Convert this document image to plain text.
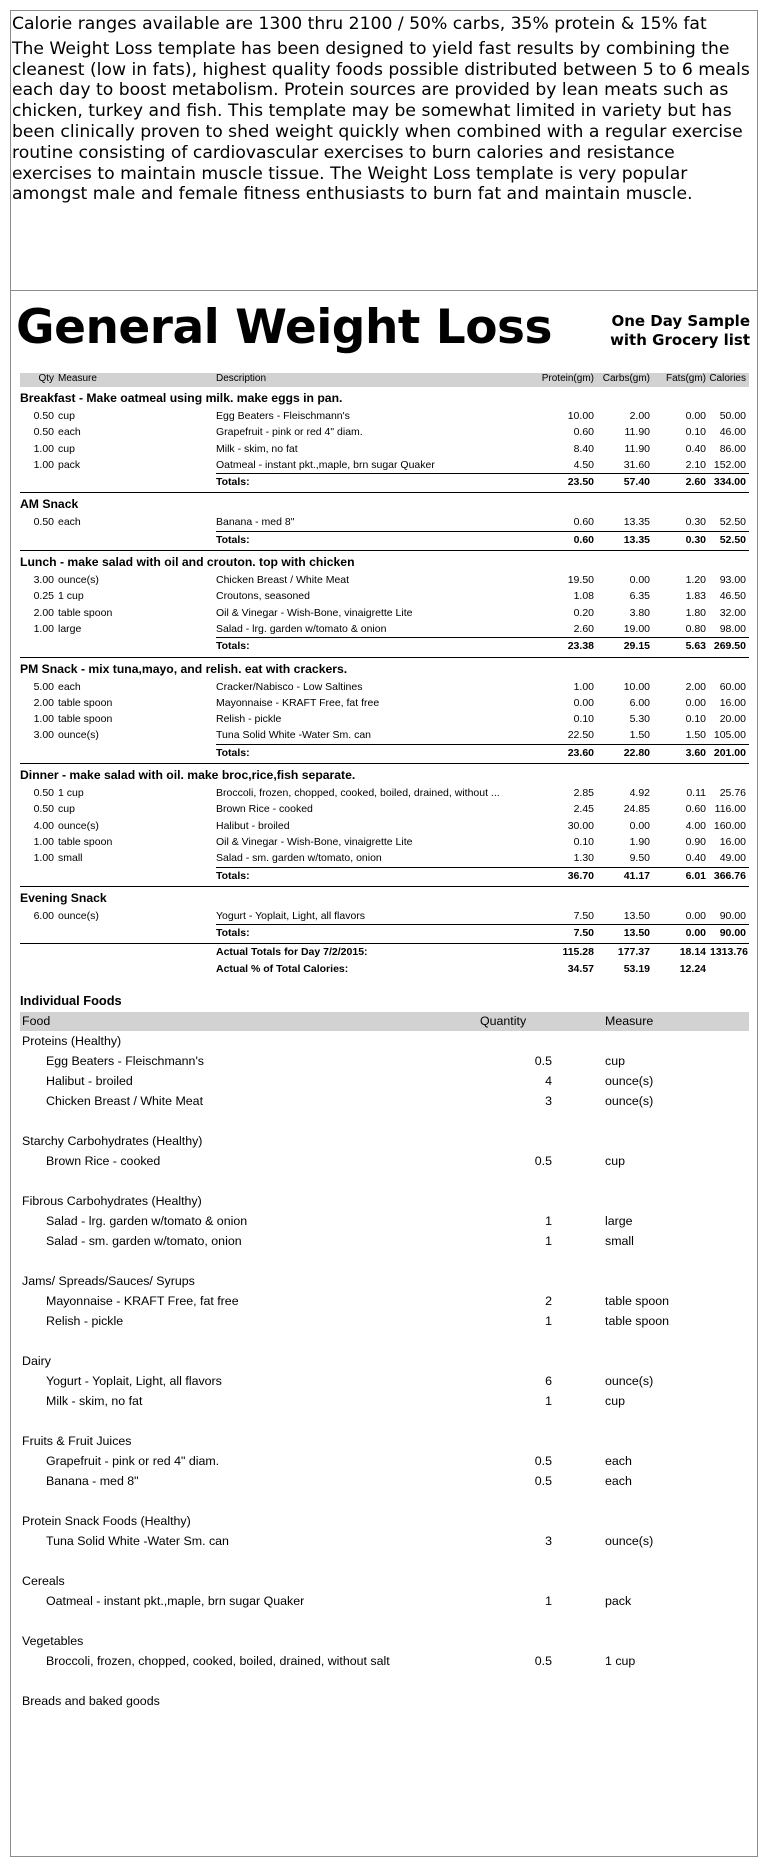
Calorie ranges available are 1300 thru 2100 / 50% carbs, 35% protein & 15% fat

The Weight Loss template has been designed to yield fast results by combining the cleanest (low in fats), highest quality foods possible distributed between 5 to 6 meals each day to boost metabolism. Protein sources are provided by lean meats such as chicken, turkey and fish. This template may be somewhat limited in variety but has been clinically proven to shed weight quickly when combined with a regular exercise routine consisting of cardiovascular exercises to burn calories and resistance exercises to maintain muscle tissue. The Weight Loss template is very popular amongst male and female fitness enthusiasts to burn fat and maintain muscle.

General Weight Loss	One Day Sample
with Grocery list
Qty Measure	Description	Protein(gm) Carbs(gm)	Fats(gm) Calories
Breakfast - Make oatmeal using milk. make eggs in pan.
0.50 cup	Egg Beaters - Fleischmann's	10.00	2.00	0.00	50.00
0.50 each	Grapefruit - pink or red 4" diam.	0.60	11.90	0.10	46.00
1.00 cup	Milk - skim, no fat	8.40	11.90	0.40	86.00
1.00 pack	Oatmeal - instant pkt.,maple, brn sugar Quaker	4.50	31.60	2.10 152.00
Totals:	23.50	57.40	2.60 334.00
AM Snack
0.50 each	Banana - med 8"	0.60	13.35	0.30	52.50
Totals:	0.60	13.35	0.30	52.50
Lunch - make salad with oil and crouton. top with chicken
3.00 ounce(s)	Chicken Breast / White Meat	19.50	0.00	1.20	93.00
0.25 1 cup	Croutons, seasoned	1.08	6.35	1.83	46.50
2.00 table spoon	Oil & Vinegar - Wish-Bone, vinaigrette Lite	0.20	3.80	1.80	32.00
1.00 large	Salad - lrg. garden w/tomato & onion	2.60	19.00	0.80	98.00
Totals:	23.38	29.15	5.63 269.50
PM Snack - mix tuna,mayo, and relish. eat with crackers.
5.00 each	Cracker/Nabisco - Low Saltines	1.00	10.00	2.00	60.00
2.00 table spoon	Mayonnaise - KRAFT Free, fat free	0.00	6.00	0.00	16.00
1.00 table spoon	Relish - pickle	0.10	5.30	0.10	20.00
3.00 ounce(s)	Tuna Solid White -Water Sm. can	22.50	1.50	1.50 105.00
Totals:	23.60	22.80	3.60 201.00
Dinner - make salad with oil. make broc,rice,fish separate.
0.50 1 cup	Broccoli, frozen, chopped, cooked, boiled, drained, without ...	2.85	4.92	0.11	25.76
0.50 cup	Brown Rice - cooked	2.45	24.85	0.60 116.00
4.00 ounce(s)	Halibut - broiled	30.00	0.00	4.00 160.00
1.00 table spoon	Oil & Vinegar - Wish-Bone, vinaigrette Lite	0.10	1.90	0.90	16.00
1.00 small	Salad - sm. garden w/tomato, onion	1.30	9.50	0.40	49.00
Totals:	36.70	41.17	6.01 366.76
Evening Snack
6.00 ounce(s)	Yogurt - Yoplait, Light, all flavors	7.50	13.50	0.00	90.00
Totals:	7.50	13.50	0.00	90.00
Actual Totals for Day 7/2/2015:	115.28	177.37	18.14 1313.76
Actual % of Total Calories:	34.57	53.19	12.24
Individual Foods
Food	Quantity	Measure
Proteins (Healthy)
Egg Beaters - Fleischmann's	0.5	cup
Halibut - broiled	4	ounce(s)
Chicken Breast / White Meat	3	ounce(s)
Starchy Carbohydrates (Healthy)
Brown Rice - cooked	0.5	cup
Fibrous Carbohydrates (Healthy)
Salad - lrg. garden w/tomato & onion	1	large
Salad - sm. garden w/tomato, onion	1	small
Jams/ Spreads/Sauces/ Syrups
Mayonnaise - KRAFT Free, fat free	2	table spoon
Relish - pickle	1	table spoon
Dairy
Yogurt - Yoplait, Light, all flavors	6	ounce(s)
Milk - skim, no fat	1	cup
Fruits & Fruit Juices
Grapefruit - pink or red 4" diam.	0.5	each
Banana - med 8"	0.5	each
Protein Snack Foods (Healthy)
Tuna Solid White -Water Sm. can	3	ounce(s)
Cereals
Oatmeal - instant pkt.,maple, brn sugar Quaker	1	pack
Vegetables
Broccoli, frozen, chopped, cooked, boiled, drained, without salt	0.5	1 cup
Breads and baked goods
